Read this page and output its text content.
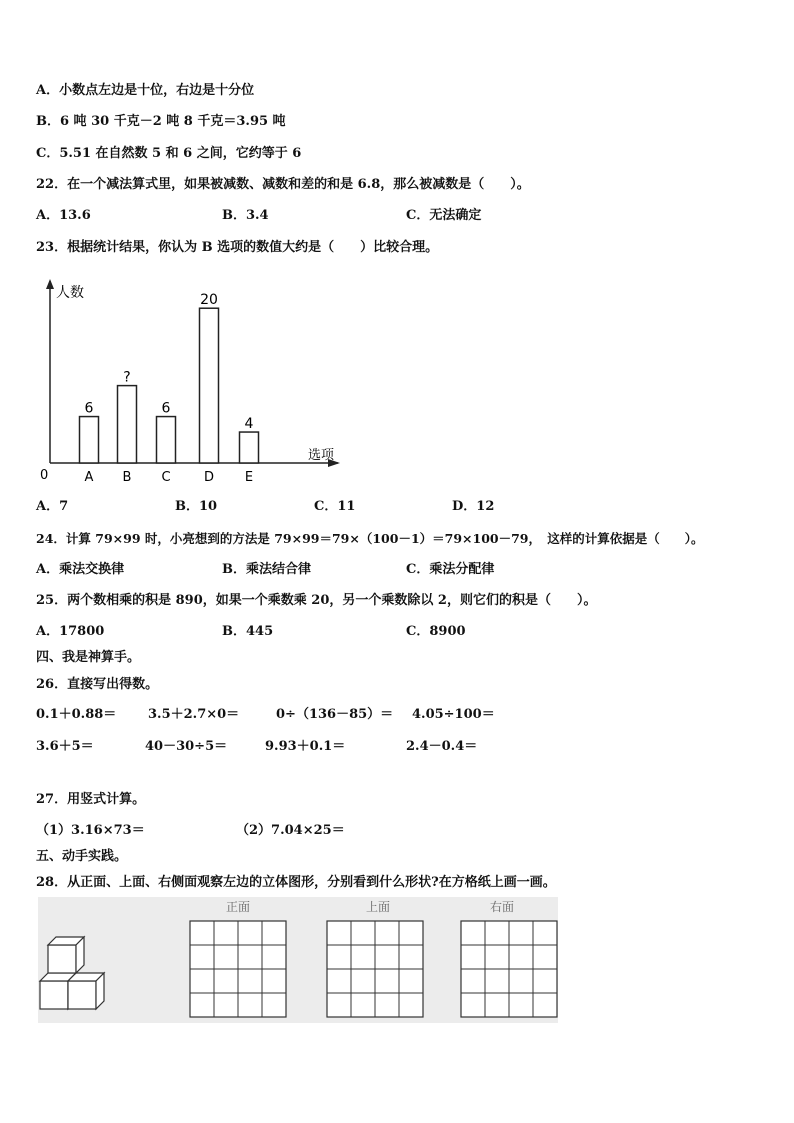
A．小数点左边是十位，右边是十分位
B．6 吨 30 千克－2 吨 8 千克＝3.95 吨
C．5.51 在自然数 5 和 6 之间，它约等于 6
22．在一个减法算式里，如果被减数、减数和差的和是 6.8，那么被减数是（　　）。
A．13.6	B．3.4	C．无法确定
23．根据统计结果，你认为 B 选项的数值大约是（　　）比较合理。
人数
选项
0
6
A
?
B
6
C
20
D
4
E
A．7	B．10	C．11	D．12
24．计算 79×99 时，小亮想到的方法是 79×99＝79×（100－1）＝79×100－79，　这样的计算依据是（　　）。
A．乘法交换律	B．乘法结合律	C．乘法分配律
25．两个数相乘的积是 890，如果一个乘数乘 20，另一个乘数除以 2，则它们的积是（　　）。
A．17800	B．445	C．8900
四、我是神算手。
26．直接写出得数。
0.1＋0.88＝ 3.5＋2.7×0＝	0÷（136－85）＝ 4.05÷100＝
3.6＋5＝	40－30÷5＝	9.93＋0.1＝	2.4－0.4＝
27．用竖式计算。
（1）3.16×73＝	（2）7.04×25＝
五、动手实践。
28．从正面、上面、右侧面观察左边的立体图形，分别看到什么形状?在方格纸上画一画。
正面	上面	右面
